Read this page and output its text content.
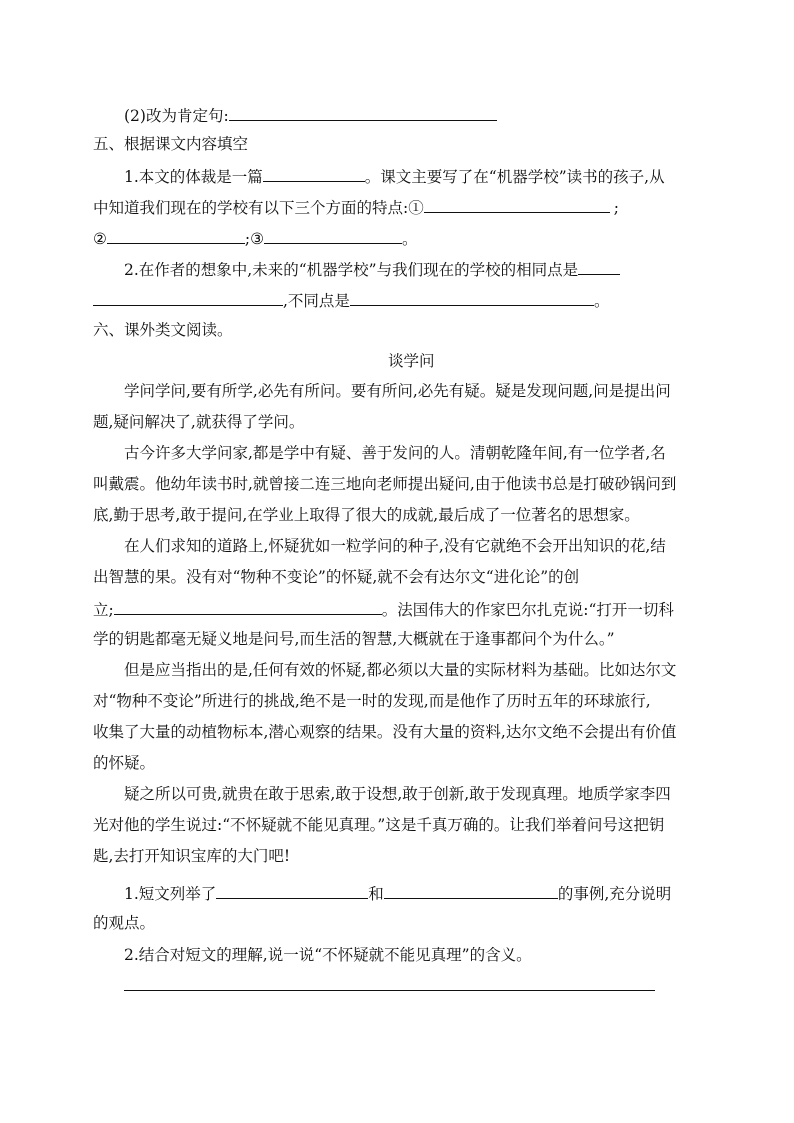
(2)改为肯定句:
五、根据课文内容填空
1.本文的体裁是一篇	。课文主要写了在“机器学校”读书的孩子,从
中知道我们现在的学校有以下三个方面的特点:①	;
②	;③	。
2.在作者的想象中,未来的“机器学校”与我们现在的学校的相同点是
,不同点是	。
六、课外类文阅读。
谈学问
学问学问,要有所学,必先有所问。要有所问,必先有疑。疑是发现问题,问是提出问
题,疑问解决了,就获得了学问。
古今许多大学问家,都是学中有疑、善于发问的人。清朝乾隆年间,有一位学者,名
叫戴震。他幼年读书时,就曾接二连三地向老师提出疑问,由于他读书总是打破砂锅问到
底,勤于思考,敢于提问,在学业上取得了很大的成就,最后成了一位著名的思想家。
在人们求知的道路上,怀疑犹如一粒学问的种子,没有它就绝不会开出知识的花,结
出智慧的果。没有对“物种不变论”的怀疑,就不会有达尔文“进化论”的创
立;	。法国伟大的作家巴尔扎克说:“打开一切科
学的钥匙都毫无疑义地是问号,而生活的智慧,大概就在于逢事都问个为什么。”
但是应当指出的是,任何有效的怀疑,都必须以大量的实际材料为基础。比如达尔文
对“物种不变论”所进行的挑战,绝不是一时的发现,而是他作了历时五年的环球旅行,
收集了大量的动植物标本,潜心观察的结果。没有大量的资料,达尔文绝不会提出有价值
的怀疑。
疑之所以可贵,就贵在敢于思索,敢于设想,敢于创新,敢于发现真理。地质学家李四
光对他的学生说过:“不怀疑就不能见真理。”这是千真万确的。让我们举着问号这把钥
匙,去打开知识宝库的大门吧!
1.短文列举了	和	的事例,充分说明
的观点。
2.结合对短文的理解,说一说“不怀疑就不能见真理”的含义。
